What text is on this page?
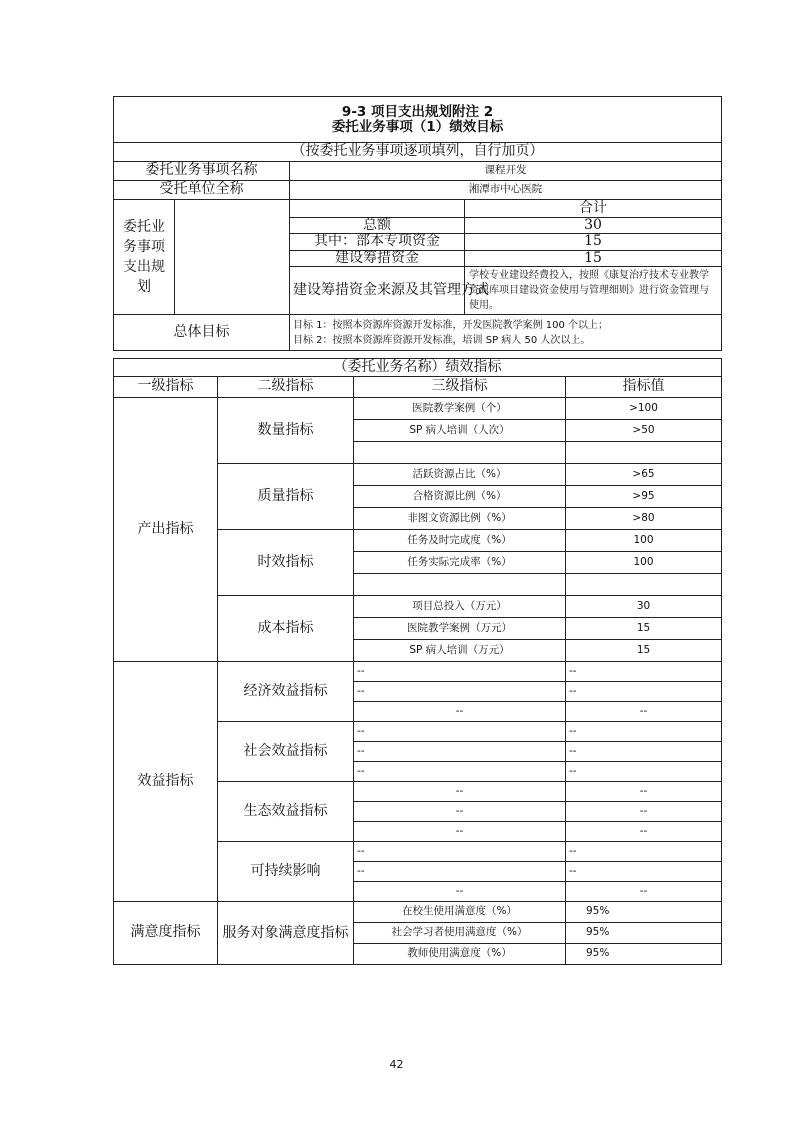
9-3 项目支出规划附注 2
委托业务事项（1）绩效目标			

（按委托业务事项逐项填列，自行加页）			
委托业务事项名称		课程开发	
受托单位全称		湘潭市中心医院	
委托业务事项支出规划			合计
		总额	30
		其中：部本专项资金	15
		建设筹措资金	15
		建设筹措资金来源及其管理方式	学校专业建设经费投入，按照《康复治疗技术专业教学资源库项目建设资金使用与管理细则》进行资金管理与使用。
总体目标		目标 1：按照本资源库资源开发标准，开发医院教学案例 100 个以上；
目标 2：按照本资源库资源开发标准，培训 SP 病人 50 人次以上。	
（委托业务名称）绩效指标			
一级指标	二级指标	三级指标	指标值
产出指标	数量指标	医院教学案例（个）	>100
		SP 病人培训（人次）	>50

	质量指标	活跃资源占比（%）	>65
		合格资源比例（%）	>95
		非图文资源比例（%）	>80
	时效指标	任务及时完成度（%）	100
		任务实际完成率（%）	100

	成本指标	项目总投入（万元）	30
		医院教学案例（万元）	15
		SP 病人培训（万元）	15
效益指标	经济效益指标	--	--
		--	--
		--	--
	社会效益指标	--	--
		--	--
		--	--
	生态效益指标	--	--
		--	--
		--	--
	可持续影响	--	--
		--	--
		--	--
满意度指标	服务对象满意度指标	在校生使用满意度（%）	95%
		社会学习者使用满意度（%）	95%
		教师使用满意度（%）	95%
42
